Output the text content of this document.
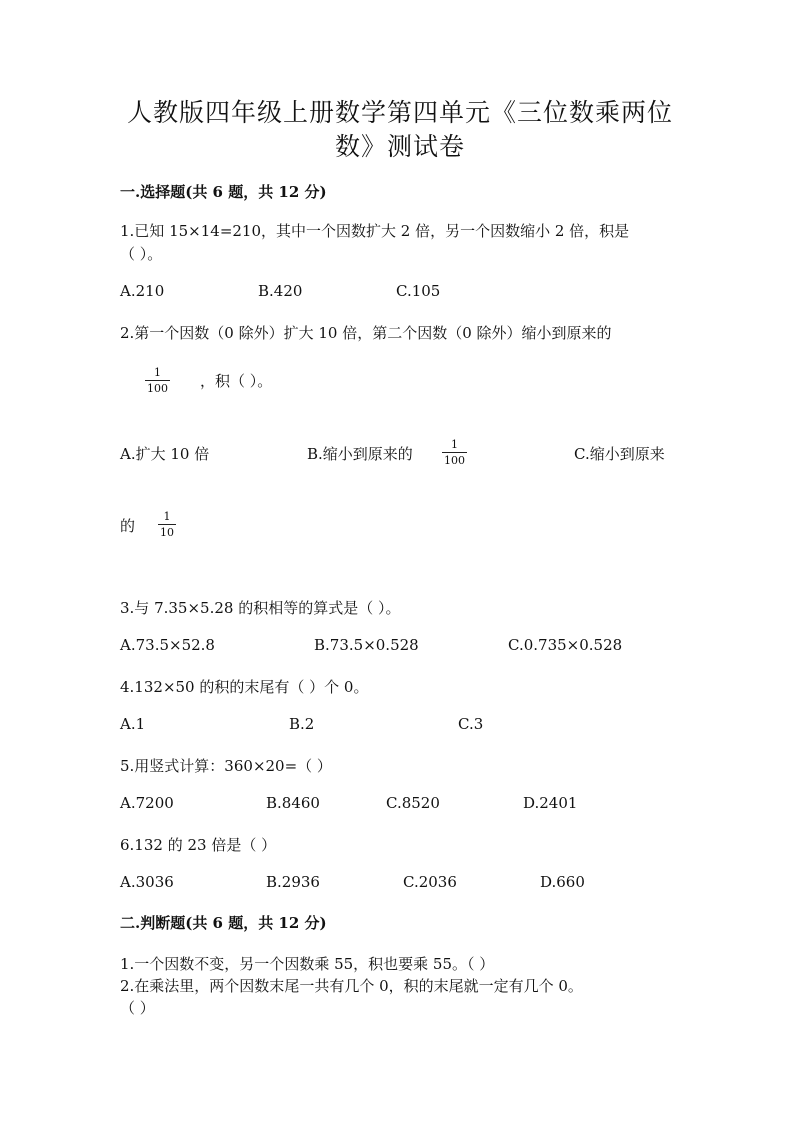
人教版四年级上册数学第四单元《三位数乘两位
数》测试卷
一.选择题(共 6 题，共 12 分)
1.已知 15×14=210，其中一个因数扩大 2 倍，另一个因数缩小 2 倍，积是
（ ）。
A.210	B.420	C.105
2.第一个因数（0 除外）扩大 10 倍，第二个因数（0 除外）缩小到原来的
1
100 ，积（ ）。
A.扩大 10 倍	B.缩小到原来的
1
100	C.缩小到原来
的
1
10
3.与 7.35×5.28 的积相等的算式是（ ）。
A.73.5×52.8	B.73.5×0.528	C.0.735×0.528
4.132×50 的积的末尾有（ ）个 0。
A.1	B.2	C.3
5.用竖式计算：360×20=（ ）
A.7200	B.8460	C.8520	D.2401
6.132 的 23 倍是（ ）
A.3036	B.2936	C.2036	D.660
二.判断题(共 6 题，共 12 分)
1.一个因数不变，另一个因数乘 55，积也要乘 55。（ ）
2.在乘法里，两个因数末尾一共有几个 0，积的末尾就一定有几个 0。
（ ）
